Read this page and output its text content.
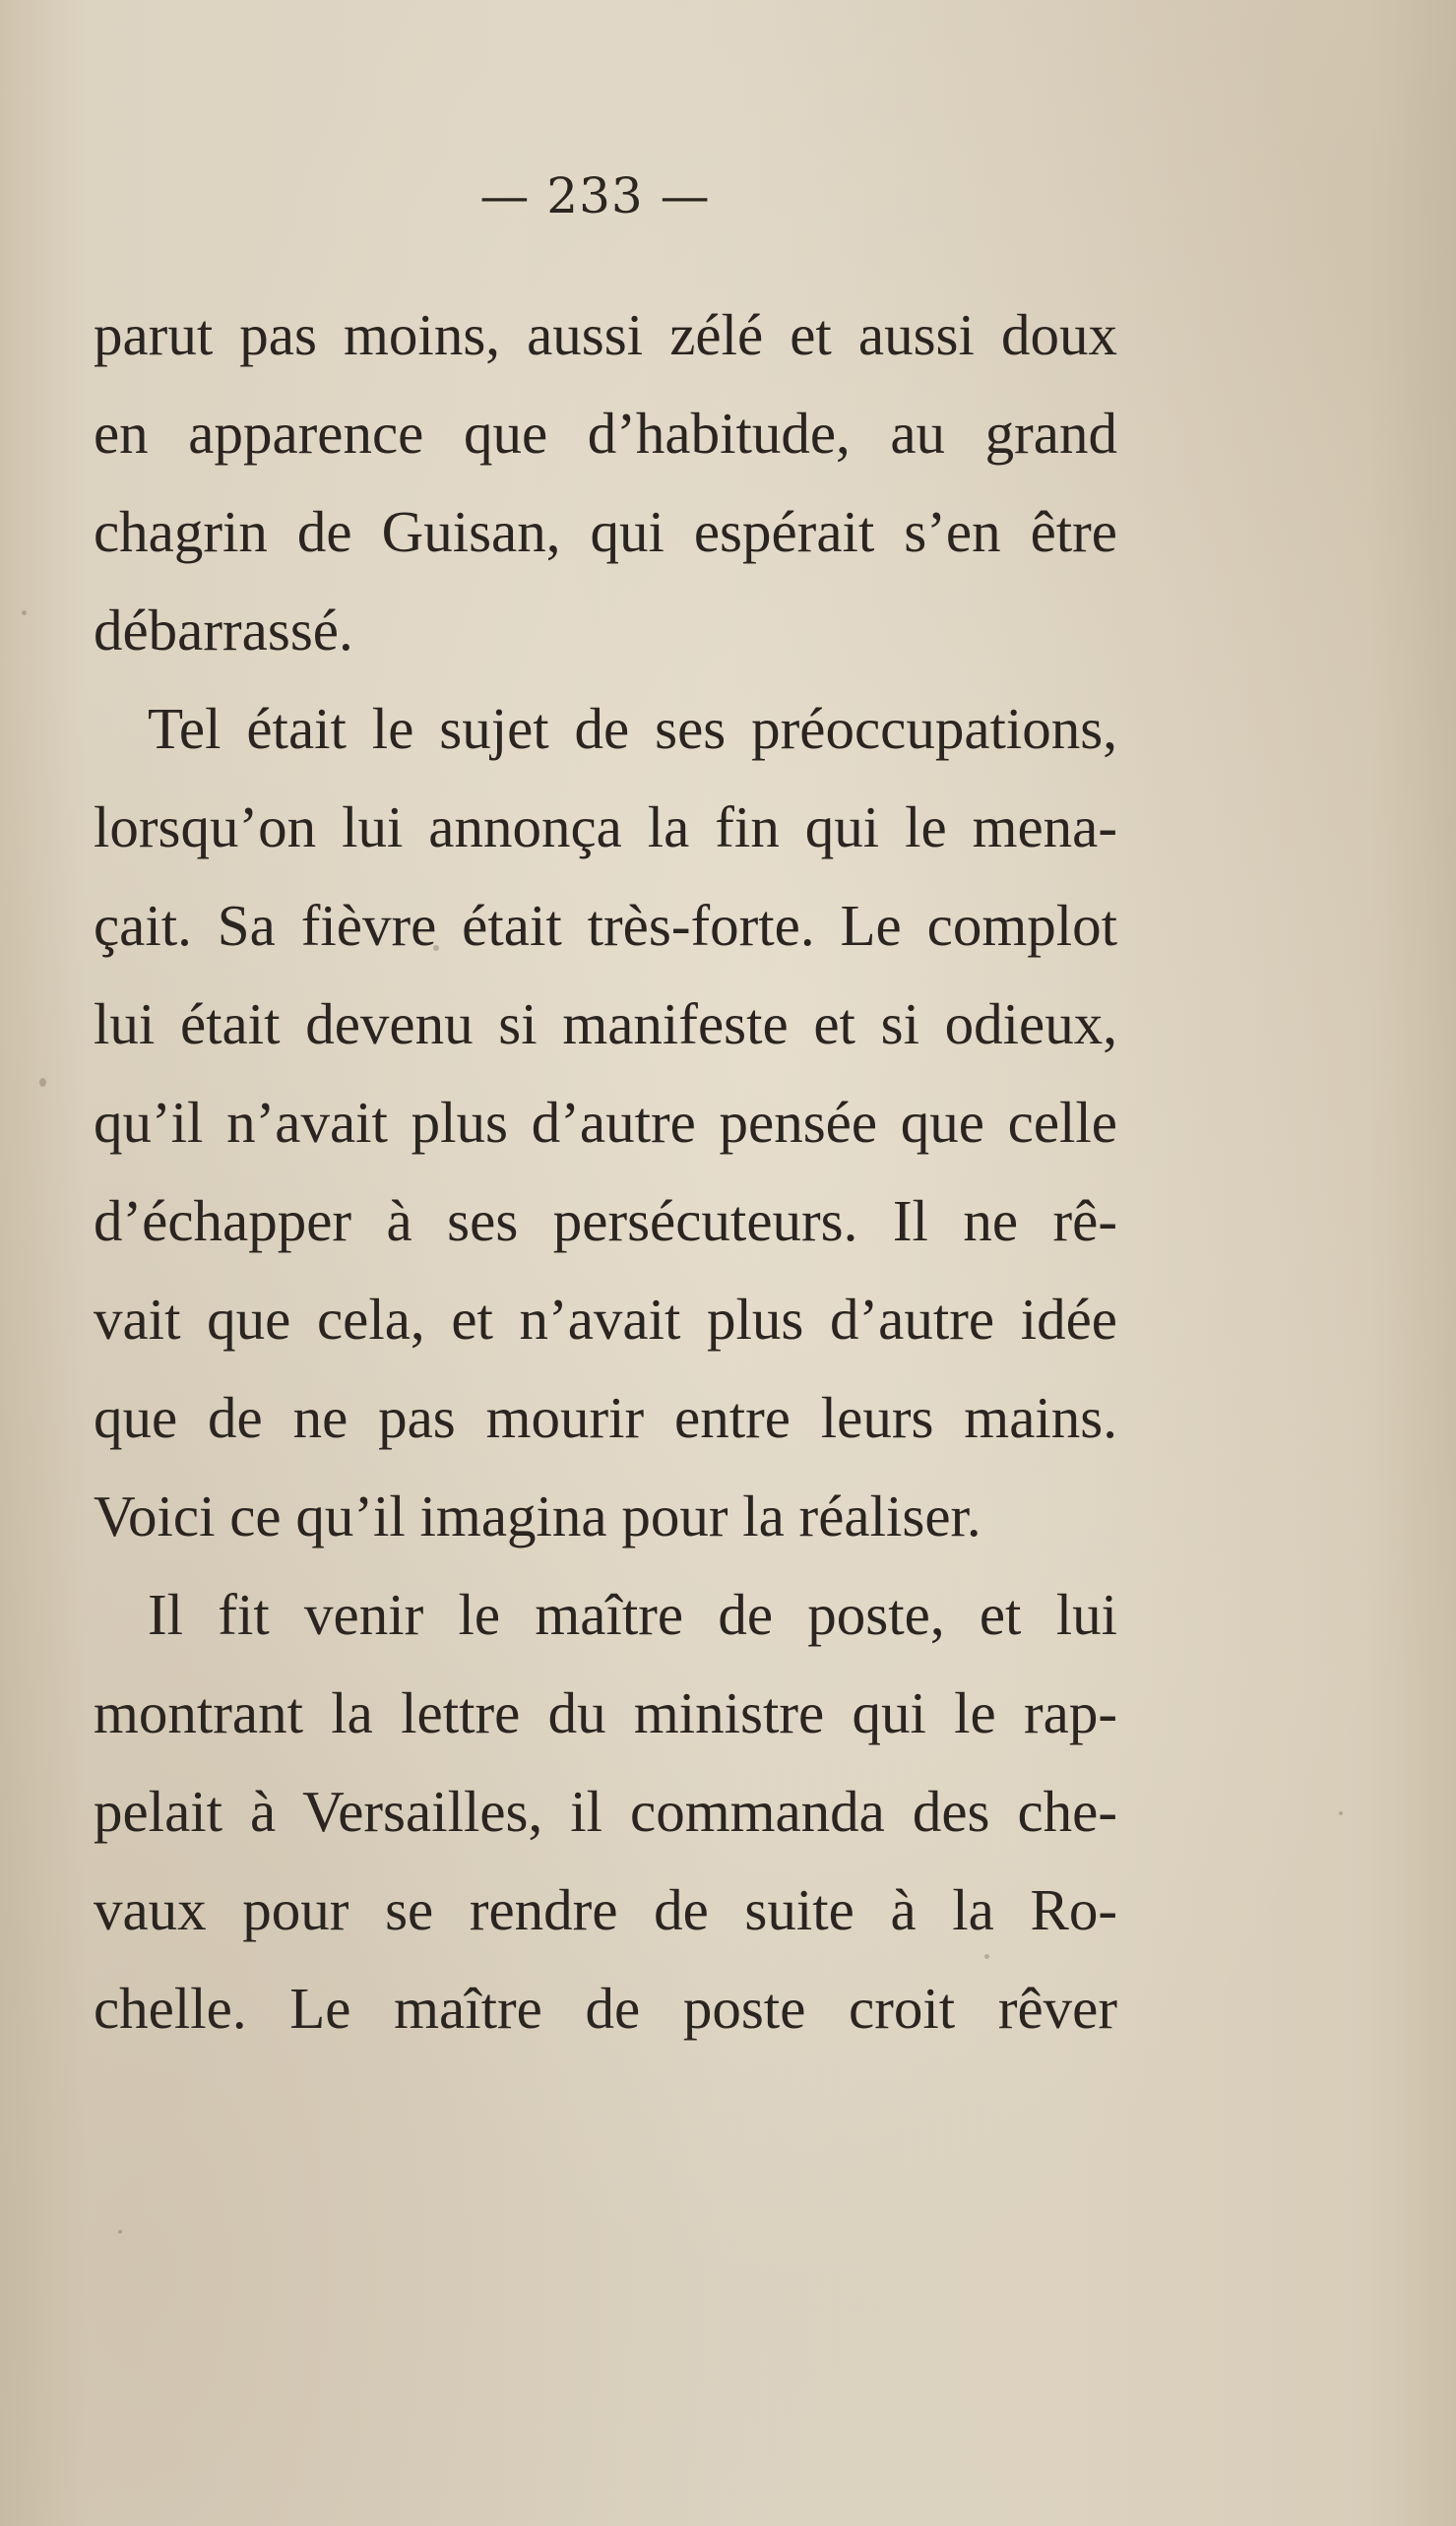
— 233 —
parut pas moins, aussi zélé et aussi doux
en apparence que d’habitude, au grand
chagrin de Guisan, qui espérait s’en être
débarrassé.
Tel était le sujet de ses préoccupations,
lorsqu’on lui annonça la fin qui le mena-
çait. Sa fièvre était très-forte. Le complot
lui était devenu si manifeste et si odieux,
qu’il n’avait plus d’autre pensée que celle
d’échapper à ses persécuteurs. Il ne rê-
vait que cela, et n’avait plus d’autre idée
que de ne pas mourir entre leurs mains.
Voici ce qu’il imagina pour la réaliser.
Il fit venir le maître de poste, et lui
montrant la lettre du ministre qui le rap-
pelait à Versailles, il commanda des che-
vaux pour se rendre de suite à la Ro-
chelle. Le maître de poste croit rêver
